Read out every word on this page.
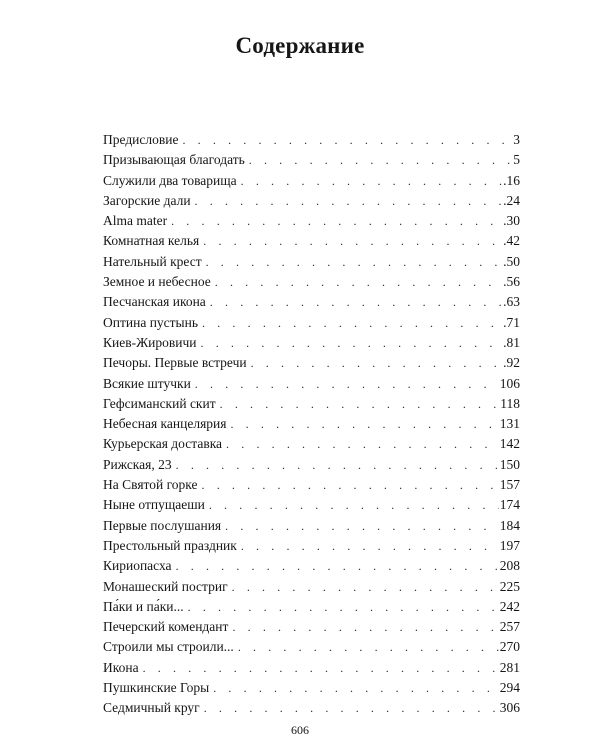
Содержание
Предисловие . . .	3
Призывающая благодать . . .	5
Служили два товарища . . .	.16
Загорские дали . . .	.24
Alma mater . . .	.30
Комнатная келья . . .	.42
Нательный крест . . .	.50
Земное и небесное . . .	.56
Песчанская икона . . .	.63
Оптина пустынь . . .	.71
Киев-Жировичи . . .	.81
Печоры. Первые встречи . . .	.92
Всякие штучки . . .	106
Гефсиманский скит . . .	118
Небесная канцелярия . . .	131
Курьерская доставка . . .	142
Рижская, 23 . . .	150
На Святой горке . . .	157
Ныне отпущаеши . . .	174
Первые послушания . . .	184
Престольный праздник . . .	197
Кириопасха . . .	208
Монашеский постриг . . .	225
Па́ки и па́ки... . . .	242
Печерский комендант . . .	257
Строили мы строили... . . .	270
Икона . . .	281
Пушкинские Горы . . .	294
Седмичный круг . . .	306
606
